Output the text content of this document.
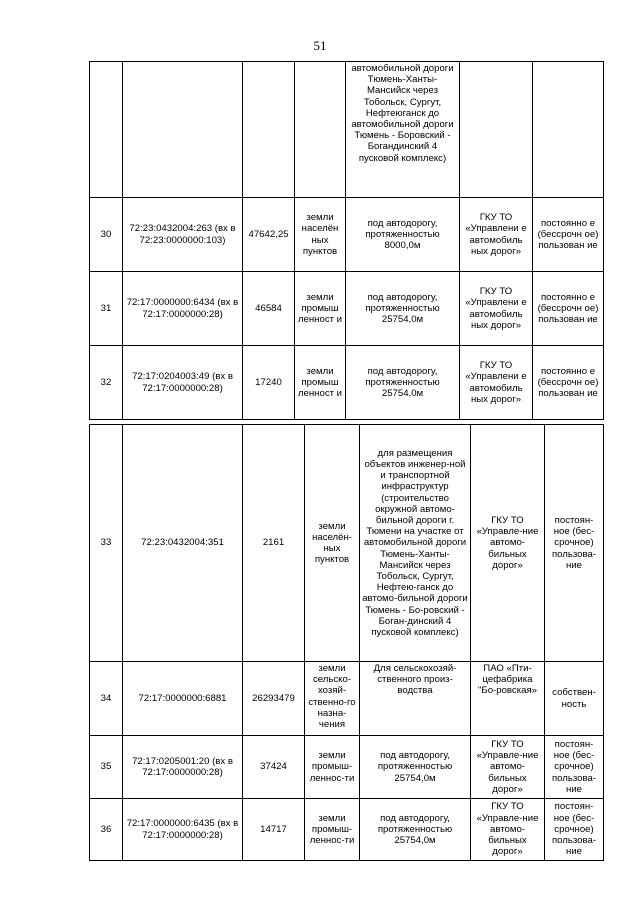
51

				автомобильной дороги Тюмень-Ханты-Мансийск через Тобольск, Сургут, Нефтеюганск до автомобильной дороги Тюмень - Боровский - Богандинский 4 пусковой комплекс)		

30	72:23:0432004:263 (вх в 72:23:0000000:103)	47642,25	земли населён ных пунктов	под автодорогу, протяженностью 8000,0м	ГКУ ТО «Управлени е автомобиль ных дорог»	постоянно е (бессрочн ое) пользован ие

31	72:17:0000000:6434 (вх в 72:17:0000000:28)	46584	земли промыш ленност и	под автодорогу, протяженностью 25754,0м	ГКУ ТО «Управлени е автомобиль ных дорог»	постоянно е (бессрочн ое) пользован ие

32	72:17:0204003:49 (вх в 72:17:0000000:28)	17240	земли промыш ленност и	под автодорогу, протяженностью 25754,0м	ГКУ ТО «Управлени е автомобиль ных дорог»	постоянно е (бессрочн ое) пользован ие
33	72:23:0432004:351	2161	земли населён-ных пунктов	для размещения объектов инженер-ной и транспортной инфраструктур (строительство окружной автомо-бильной дороги г. Тюмени на участке от автомобильной дороги Тюмень-Ханты-Мансийск через Тобольск, Сургут, Нефтею-ганск до автомо-бильной дороги Тюмень - Бо-ровский - Боган-динский 4 пусковой комплекс)	ГКУ ТО «Управле-ние автомо-бильных дорог»	постоян-ное (бес-срочное) пользова-ние

34	72:17:0000000:6881	26293479	земли сельско-хозяй-ственно-го назна-чения	Для сельскохозяй-ственного произ-водства	ПАО «Пти-цефабрика "Бо-ровская»	собствен-ность

35	72:17:0205001:20 (вх в 72:17:0000000:28)	37424	земли промыш-леннос-ти	под автодорогу, протяженностью 25754,0м	ГКУ ТО «Управле-ние автомо-бильных дорог»	постоян-ное (бес-срочное) пользова-ние

36	72:17:0000000:6435 (вх в 72:17:0000000:28)	14717	земли промыш-леннос-ти	под автодорогу, протяженностью 25754,0м	ГКУ ТО «Управле-ние автомо-бильных дорог»	постоян-ное (бес-срочное) пользова-ние
